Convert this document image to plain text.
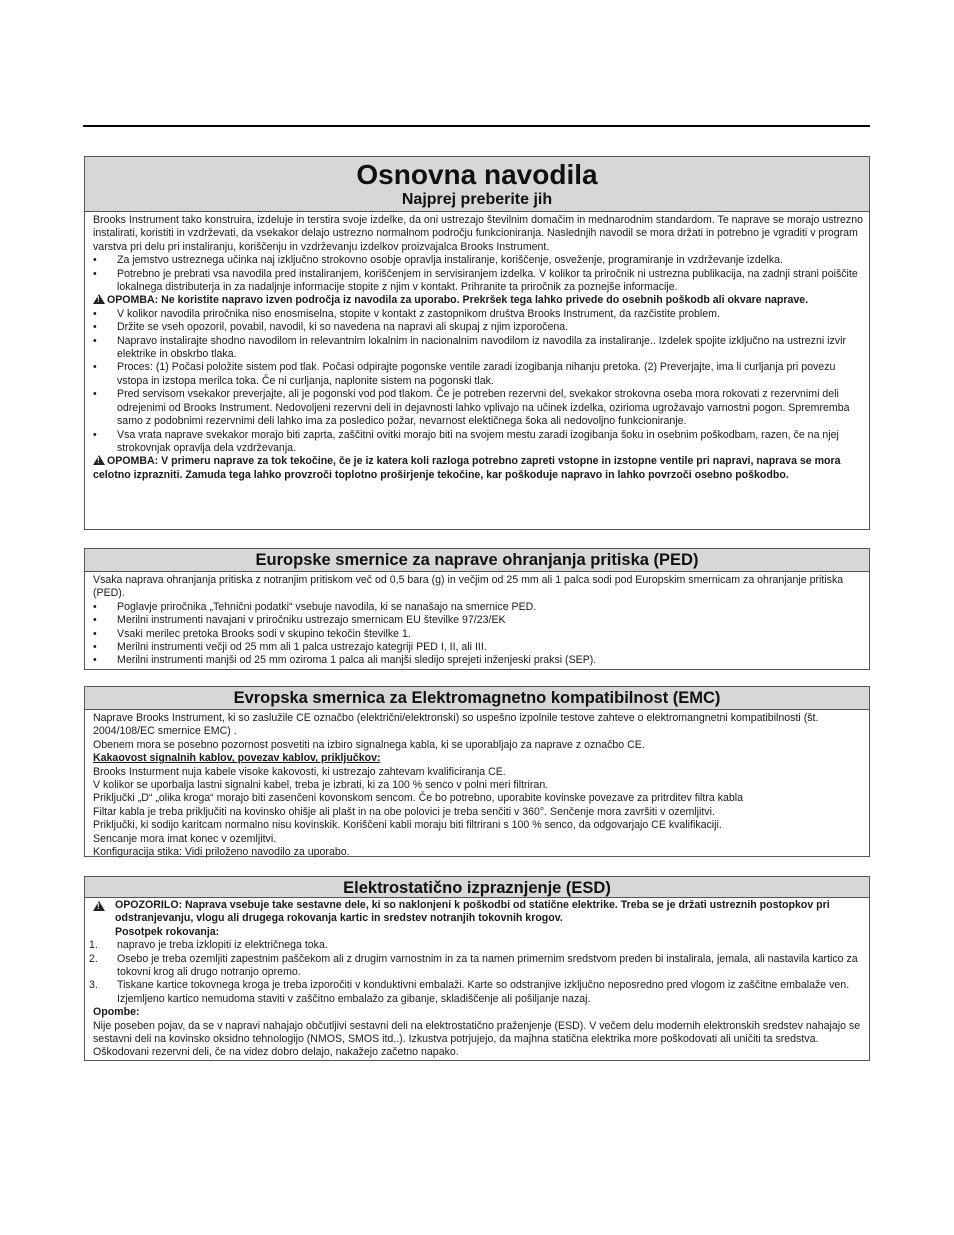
Osnovna navodila
Najprej preberite jih

Brooks Instrument tako konstruira, izdeluje in terstira svoje izdelke, da oni ustrezajo številnim domačim in mednarodnim standardom. Te naprave se morajo ustrezno instalirati, koristiti in vzdrževati, da vsekakor delajo ustrezno normalnom področju funkcioniranja. Naslednjih navodil se mora držati in potrebno je vgraditi v program varstva pri delu pri instaliranju, koriščenju in vzdrževanju izdelkov proizvajalca Brooks Instrument.

• Za jemstvo ustreznega učinka naj izključno strokovno osobje opravlja instaliranje, koriščenje, osveženje, programiranje in vzdrževanje izdelka.
• Potrebno je prebrati vsa navodila pred instaliranjem, koriščenjem in servisiranjem izdelka. V kolikor ta priročnik ni ustrezna publikacija, na zadnji strani poiščite lokalnega distributerja in za nadaljnje informacije stopite z njim v kontakt. Prihranite ta priročnik za poznejše informacije.

!OPOMBA: Ne koristite napravo izven področja iz navodila za uporabo. Prekršek tega lahko privede do osebnih poškodb ali okvare naprave.

• V kolikor navodila priročnika niso enosmiselna, stopite v kontakt z zastopnikom društva Brooks Instrument, da razčistite problem.
• Držite se vseh opozoril, povabil, navodil, ki so navedena na napravi ali skupaj z njim izporočena.
• Napravo instalirajte shodno navodilom in relevantnim lokalnim in nacionalnim navodilom iz navodila za instaliranje.. Izdelek spojite izključno na ustrezni izvir elektrike in obskrbo tlaka.
• Proces: (1) Počasi položite sistem pod tlak. Počasi odpirajte pogonske ventile zaradi izogibanja nihanju pretoka. (2) Preverjajte, ima li curljanja pri povezu vstopa in izstopa merilca toka. Če ni curljanja, naplonite sistem na pogonski tlak.
• Pred servisom vsekakor preverjajte, ali je pogonski vod pod tlakom. Če je potreben rezervni del, svekakor strokovna oseba mora rokovati z rezervnimi deli odrejenimi od Brooks Instrument. Nedovoljeni rezervni deli in dejavnosti lahko vplivajo na učinek izdelka, ozirioma ugrožavajo varnostni pogon. Spremremba samo z podobnimi rezervnimi deli lahko ima za posledico požar, nevarnost elektičnega šoka ali nedovoljno funkcioniranje.
• Vsa vrata naprave svekakor morajo biti zaprta, zaščitni ovitki morajo biti na svojem mestu zaradi izogibanja šoku in osebnim poškodbam, razen, če na njej strokovnjak opravlja dela vzdrževanja.

!OPOMBA: V primeru naprave za tok tekočine, če je iz katera koli razloga potrebno zapreti vstopne in izstopne ventile pri napravi, naprava se mora celotno izprazniti. Zamuda tega lahko provzroči toplotno proširjenje tekočine, kar poškoduje napravo in lahko povrzoči osebno poškodbo.

Europske smernice za naprave ohranjanja pritiska (PED)

Vsaka naprava ohranjanja pritiska z notranjim pritiskom več od 0,5 bara (g) in večjim od 25 mm ali 1 palca sodi pod Europskim smernicam za ohranjanje pritiska (PED).

• Poglavje priročnika „Tehnični podatki“ vsebuje navodila, ki se nanašajo na smernice PED.
• Merilni instrumenti navajani v priročniku ustrezajo smernicam EU številke 97/23/EK
• Vsaki merilec pretoka Brooks sodi v skupino tekočin številke 1.
• Merilni instrumenti večji od 25 mm ali 1 palca ustrezajo kategriji PED I, II, ali III.
• Merilni instrumenti manjši od 25 mm oziroma 1 palca ali manjši sledijo sprejeti inženjeski praksi (SEP).
Evropska smernica za Elektromagnetno kompatibilnost (EMC)

Naprave Brooks Instrument, ki so zaslužile CE označbo (električni/elektronski) so uspešno izpolnile testove zahteve o elektromangnetni kompatibilnosti (št. 2004/108/EC smernice EMC) .

Obenem mora se posebno pozornost posvetiti na izbiro signalnega kabla, ki se uporabljajo za naprave z označbo CE.

Kakaovost signalnih kablov, povezav kablov, priključkov:

Brooks Insturment nuja kabele visoke kakovosti, ki ustrezajo zahtevam kvalificiranja CE.

V kolikor se uporbalja lastni signalni kabel, treba je izbrati, ki za 100 % senco v polni meri filtriran.

Priključki „D“ „olika kroga“ morajo biti zasenčeni kovonskom sencom. Če bo potrebno, uporabite kovinske povezave za pritrditev filtra kabla

Filtar kabla je treba priključiti na kovinsko ohišje ali plašt in na obe polovici je treba senčiti v 360°. Senčenje mora završiti v ozemljitvi.

Priključki, ki sodijo karitcam normalno nisu kovinskik. Koriščeni kabli moraju biti filtrirani s 100 % senco, da odgovarjajo CE kvalifikaciji.

Sencanje mora imat konec v ozemljitvi.

Konfiguracija stika: Vidi priloženo navodilo za uporabo.

Elektrostatično izpraznjenje (ESD)
!

OPOZORILO: Naprava vsebuje take sestavne dele, ki so naklonjeni k poškodbi od statične elektrike. Treba se je držati ustreznih postopkov pri odstranjevanju, vlogu ali drugega rokovanja kartic in sredstev notranjih tokovnih krogov.

Posotpek rokovanja:

1. napravo je treba izklopiti iz električnega toka.
2. Osebo je treba ozemljiti zapestnim paščekom ali z drugim varnostnim in za ta namen primernim sredstvom preden bi instalirala, jemala, ali nastavila kartico za tokovni krog ali drugo notranjo opremo.
3. Tiskane kartice tokovnega kroga je treba izporočiti v konduktivni embalaži. Karte so odstranjive izključno neposredno pred vlogom iz zaščitne embalaže ven. Izjemljeno kartico nemudoma staviti v zaščitno embalažo za gibanje, skladiščenje ali pošiljanje nazaj.

Opombe:

Nije poseben pojav, da se v napravi nahajajo občutljivi sestavni deli na elektrostatično praženjenje (ESD). V večem delu modernih elektronskih sredstev nahajajo se sestavni deli na kovinsko oksidno tehnologijo (NMOS, SMOS itd..). Izkustva potrjujejo, da majhna statična elektrika more poškodovati ali uničiti ta sredstva. Oškodovani rezervni deli, če na videz dobro delajo, nakažejo začetno napako.
